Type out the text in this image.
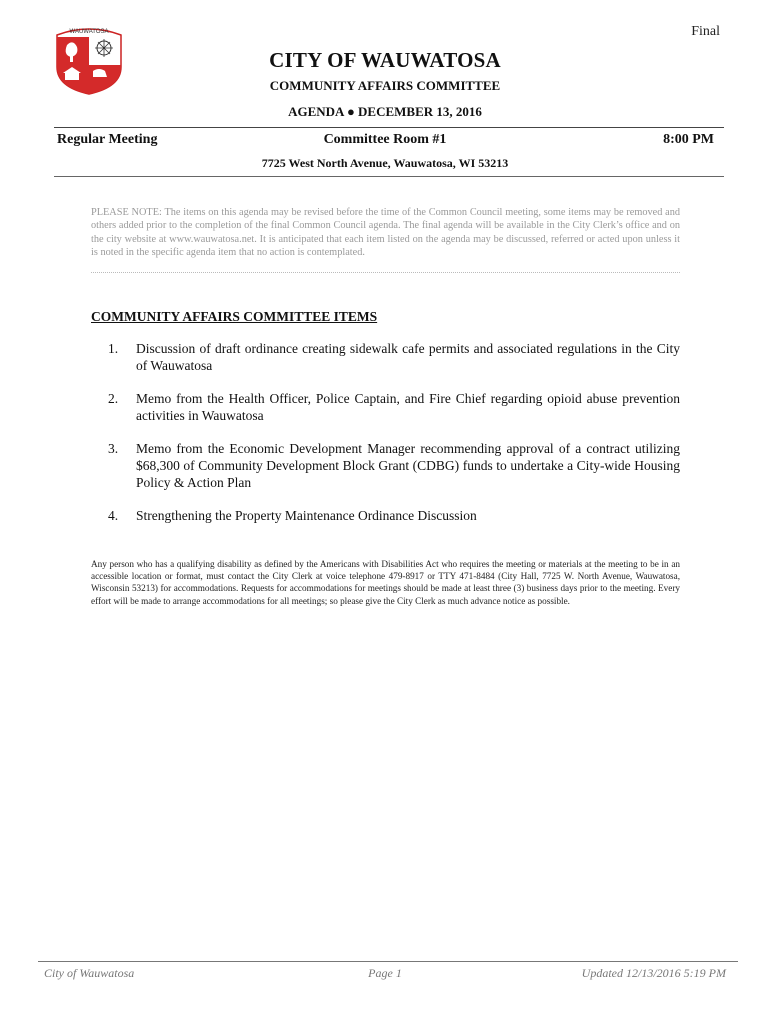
Final
WAUWATOSA
CITY OF WAUWATOSA
COMMUNITY AFFAIRS COMMITTEE
AGENDA ● DECEMBER 13, 2016
Regular Meeting	Committee Room #1	8:00 PM
7725 West North Avenue, Wauwatosa, WI 53213
PLEASE NOTE: The items on this agenda may be revised before the time of the Common Council meeting, some items may be removed and others added prior to the completion of the final Common Council agenda. The final agenda will be available in the City Clerk’s office and on the city website at www.wauwatosa.net. It is anticipated that each item listed on the agenda may be discussed, referred or acted upon unless it is noted in the specific agenda item that no action is contemplated.
COMMUNITY AFFAIRS COMMITTEE ITEMS
1.	Discussion of draft ordinance creating sidewalk cafe permits and associated regulations in the City of Wauwatosa
2.	Memo from the Health Officer, Police Captain, and Fire Chief regarding opioid abuse prevention activities in Wauwatosa
3.	Memo from the Economic Development Manager recommending approval of a contract utilizing $68,300 of Community Development Block Grant (CDBG) funds to undertake a City-wide Housing Policy & Action Plan
4.	Strengthening the Property Maintenance Ordinance Discussion
Any person who has a qualifying disability as defined by the Americans with Disabilities Act who requires the meeting or materials at the meeting to be in an accessible location or format, must contact the City Clerk at voice telephone 479-8917 or TTY 471-8484 (City Hall, 7725 W. North Avenue, Wauwatosa, Wisconsin 53213) for accommodations. Requests for accommodations for meetings should be made at least three (3) business days prior to the meeting. Every effort will be made to arrange accommodations for all meetings; so please give the City Clerk as much advance notice as possible.
City of Wauwatosa	Page 1	Updated 12/13/2016 5:19 PM
